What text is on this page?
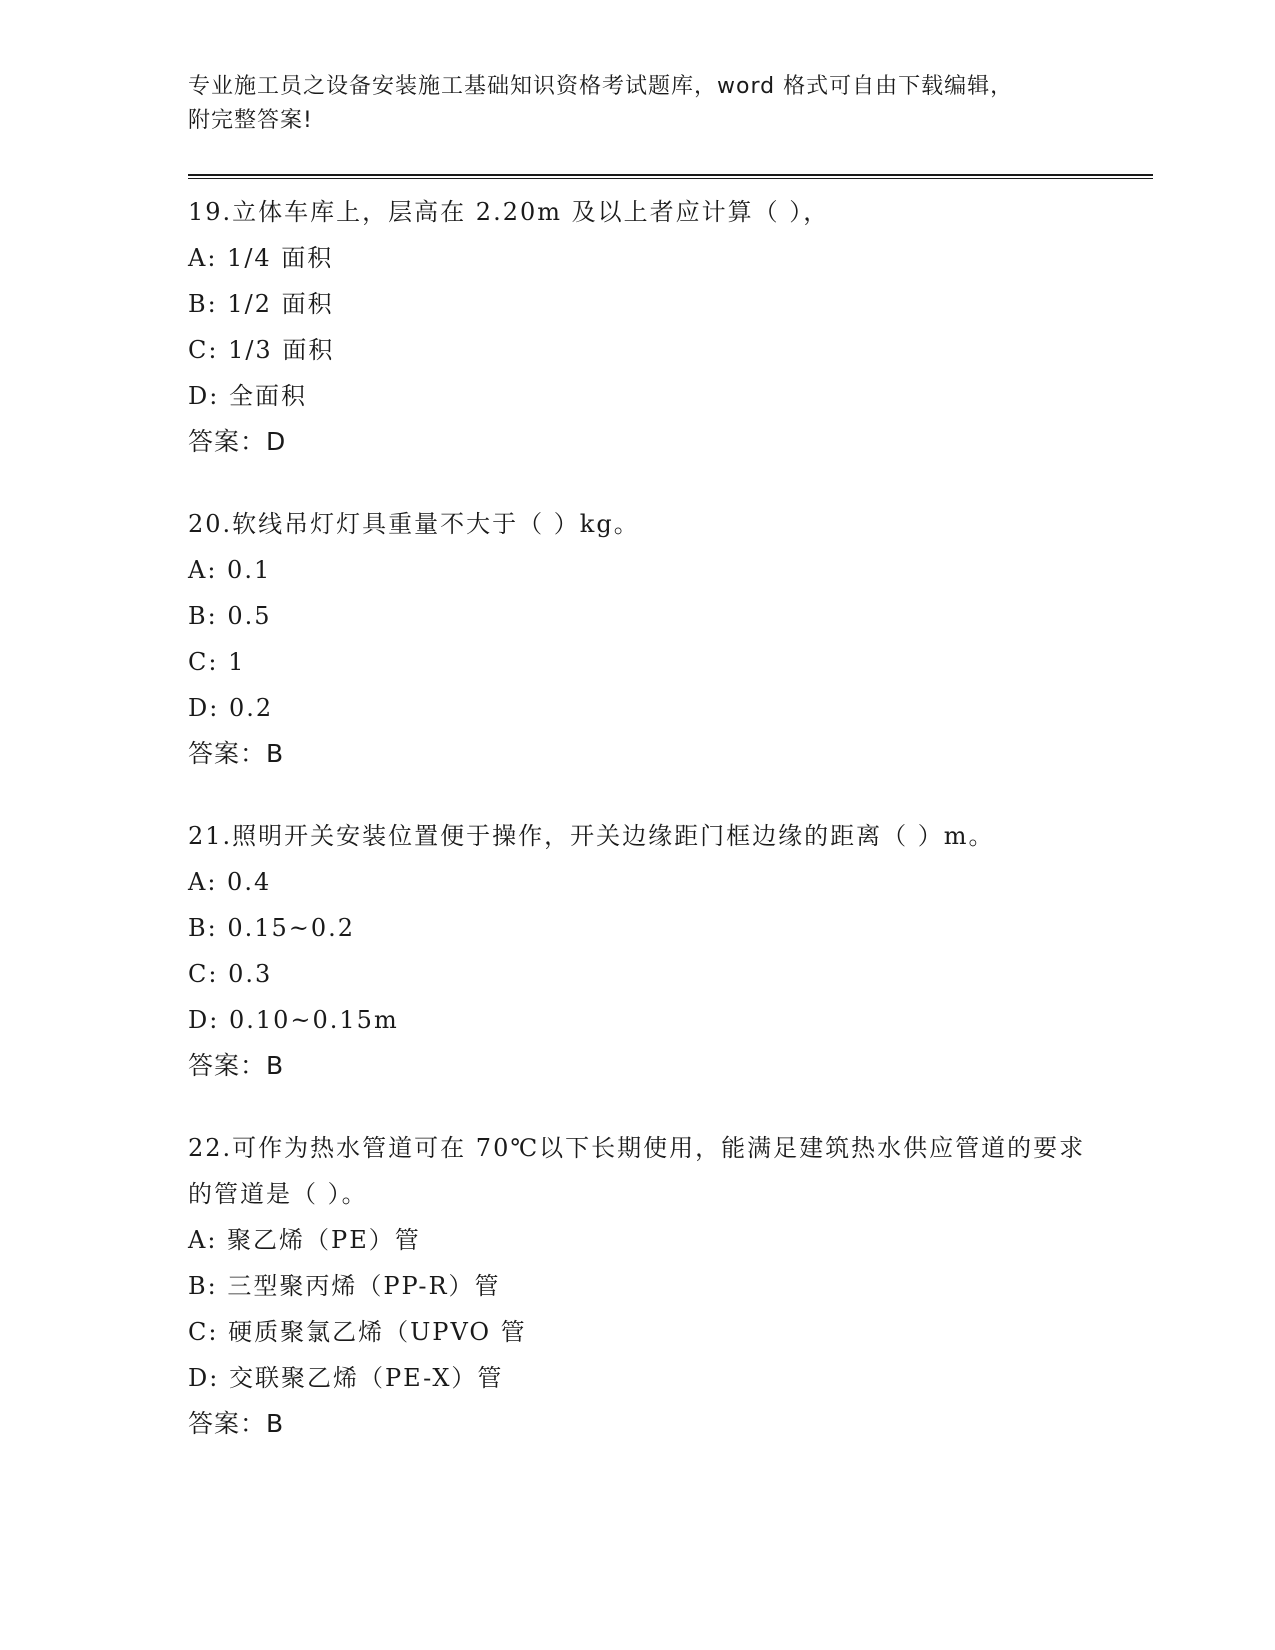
专业施工员之设备安装施工基础知识资格考试题库，word 格式可自由下载编辑，

附完整答案!

19.立体车库上，层高在 2.20m 及以上者应计算（ ），

A: 1/4 面积

B: 1/2 面积

C: 1/3 面积

D: 全面积

答案：D

20.软线吊灯灯具重量不大于（ ）kg。

A: 0.1

B: 0.5

C: 1

D: 0.2

答案：B

21.照明开关安装位置便于操作，开关边缘距门框边缘的距离（ ）m。

A: 0.4

B: 0.15~0.2

C: 0.3

D: 0.10~0.15m

答案：B

22.可作为热水管道可在 70℃以下长期使用，能满足建筑热水供应管道的要求的管道是（ ）。

A: 聚乙烯（PE）管

B: 三型聚丙烯（PP-R）管

C: 硬质聚氯乙烯（UPVO 管

D: 交联聚乙烯（PE-X）管

答案：B
